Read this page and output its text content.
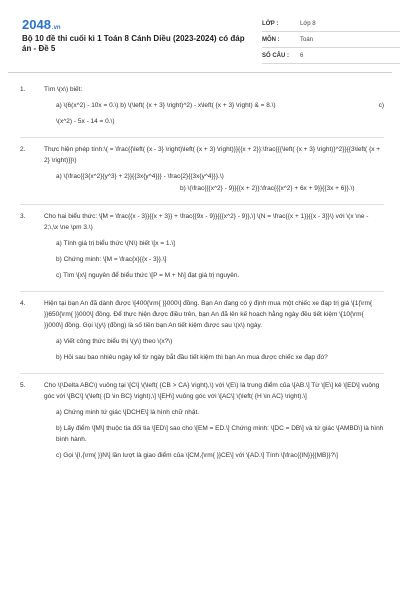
2048.vn
Bộ 10 đề thi cuối kì 1 Toán 8 Cánh Diều (2023-2024) có đáp án - Đề 5
LỚP :	Lớp 8
MÔN :	Toán
SỐ CÂU :	6
1.	Tìm \(x\) biết:
a) \(6(x^2) - 10x = 0.\) b) \(\left( {x + 3} \right)^2) - x\left( {x + 3} \right) & = 8.\)	c)
\(x^2) - 5x - 14 = 0.\)
2.	Thực hiện phép tính:\( = \frac{{\left( {x - 3} \right)\left( {x + 3} \right)}}{{x + 2}}:\frac{{{\left( {x + 3} \right)}^2}}{{3\left( {x + 2} \right)}}\)
a) \(\frac{{3{x^2}{y^3} + 2}}{{3x{y^4}}} - \frac{2}{{3x{y^4}}}.\)
b) \(\frac{{{x^2} - 9}}{{x + 2}}:\frac{{{x^2} + 6x + 9}}{{3x + 6}}.\)
3.	Cho hai biểu thức: \[M = \frac{{x - 3}}{{x + 3}} + \frac{{9x - 9}}{{{x^2} - 9}},\] \(N = \frac{{x + 1}}{{x - 3}}\) với \(x \ne - 2;\,\x \ne \pm 3.\)
a) Tính giá trị biểu thức \(N\) biết \[x = 1.\]
b) Chứng minh: \[M = \frac{x}{{x - 3}}.\]
c) Tìm \[x\] nguyên để biểu thức \[P = M + N\] đạt giá trị nguyên.
4.	Hiện tại bạn An đã dành được \[400{\rm{ }}000\] đồng. Bạn An đang có ý định mua một chiếc xe đạp trị giá \[1{\rm{ }}650{\rm{ }}000\] đồng. Để thực hiện được điều trên, bạn An đã lên kế hoạch hằng ngày đều tiết kiệm \[10{\rm{ }}000\] đồng. Gọi \(y\) (đồng) là số tiền bạn An tiết kiệm được sau \(x\) ngày.
a) Viết công thức biểu thị \(y\) theo \(x?\)
b) Hỏi sau bao nhiêu ngày kể từ ngày bắt đầu tiết kiệm thì bạn An mua được chiếc xe đạp đó?
5.	Cho \(\Delta ABC\) vuông tại \[C\] \(\left( {CB > CA} \right),\) với \(E\) là trung điểm của \[AB.\] Từ \[E\] kẻ \[ED\] vuông góc với \[BC\] \(\left( {D \in BC} \right),\] \[EH\] vuông góc với \[AC\] \(\left( {H \in AC} \right).\]
a) Chứng minh tứ giác \[DCHE\] là hình chữ nhật.
b) Lấy điểm \[M\] thuộc tia đối tia \[ED\] sao cho \[EM = ED.\] Chứng minh: \[DC = DB\] và tứ giác \[AMBD\] là hình bình hành.
c) Gọi \[I,{\rm{ }}N\] lần lượt là giao điểm của \[CM,{\rm{ }}CE\] với \[AD.\] Tính \[\frac{{IN}}{{MB}}?\]
